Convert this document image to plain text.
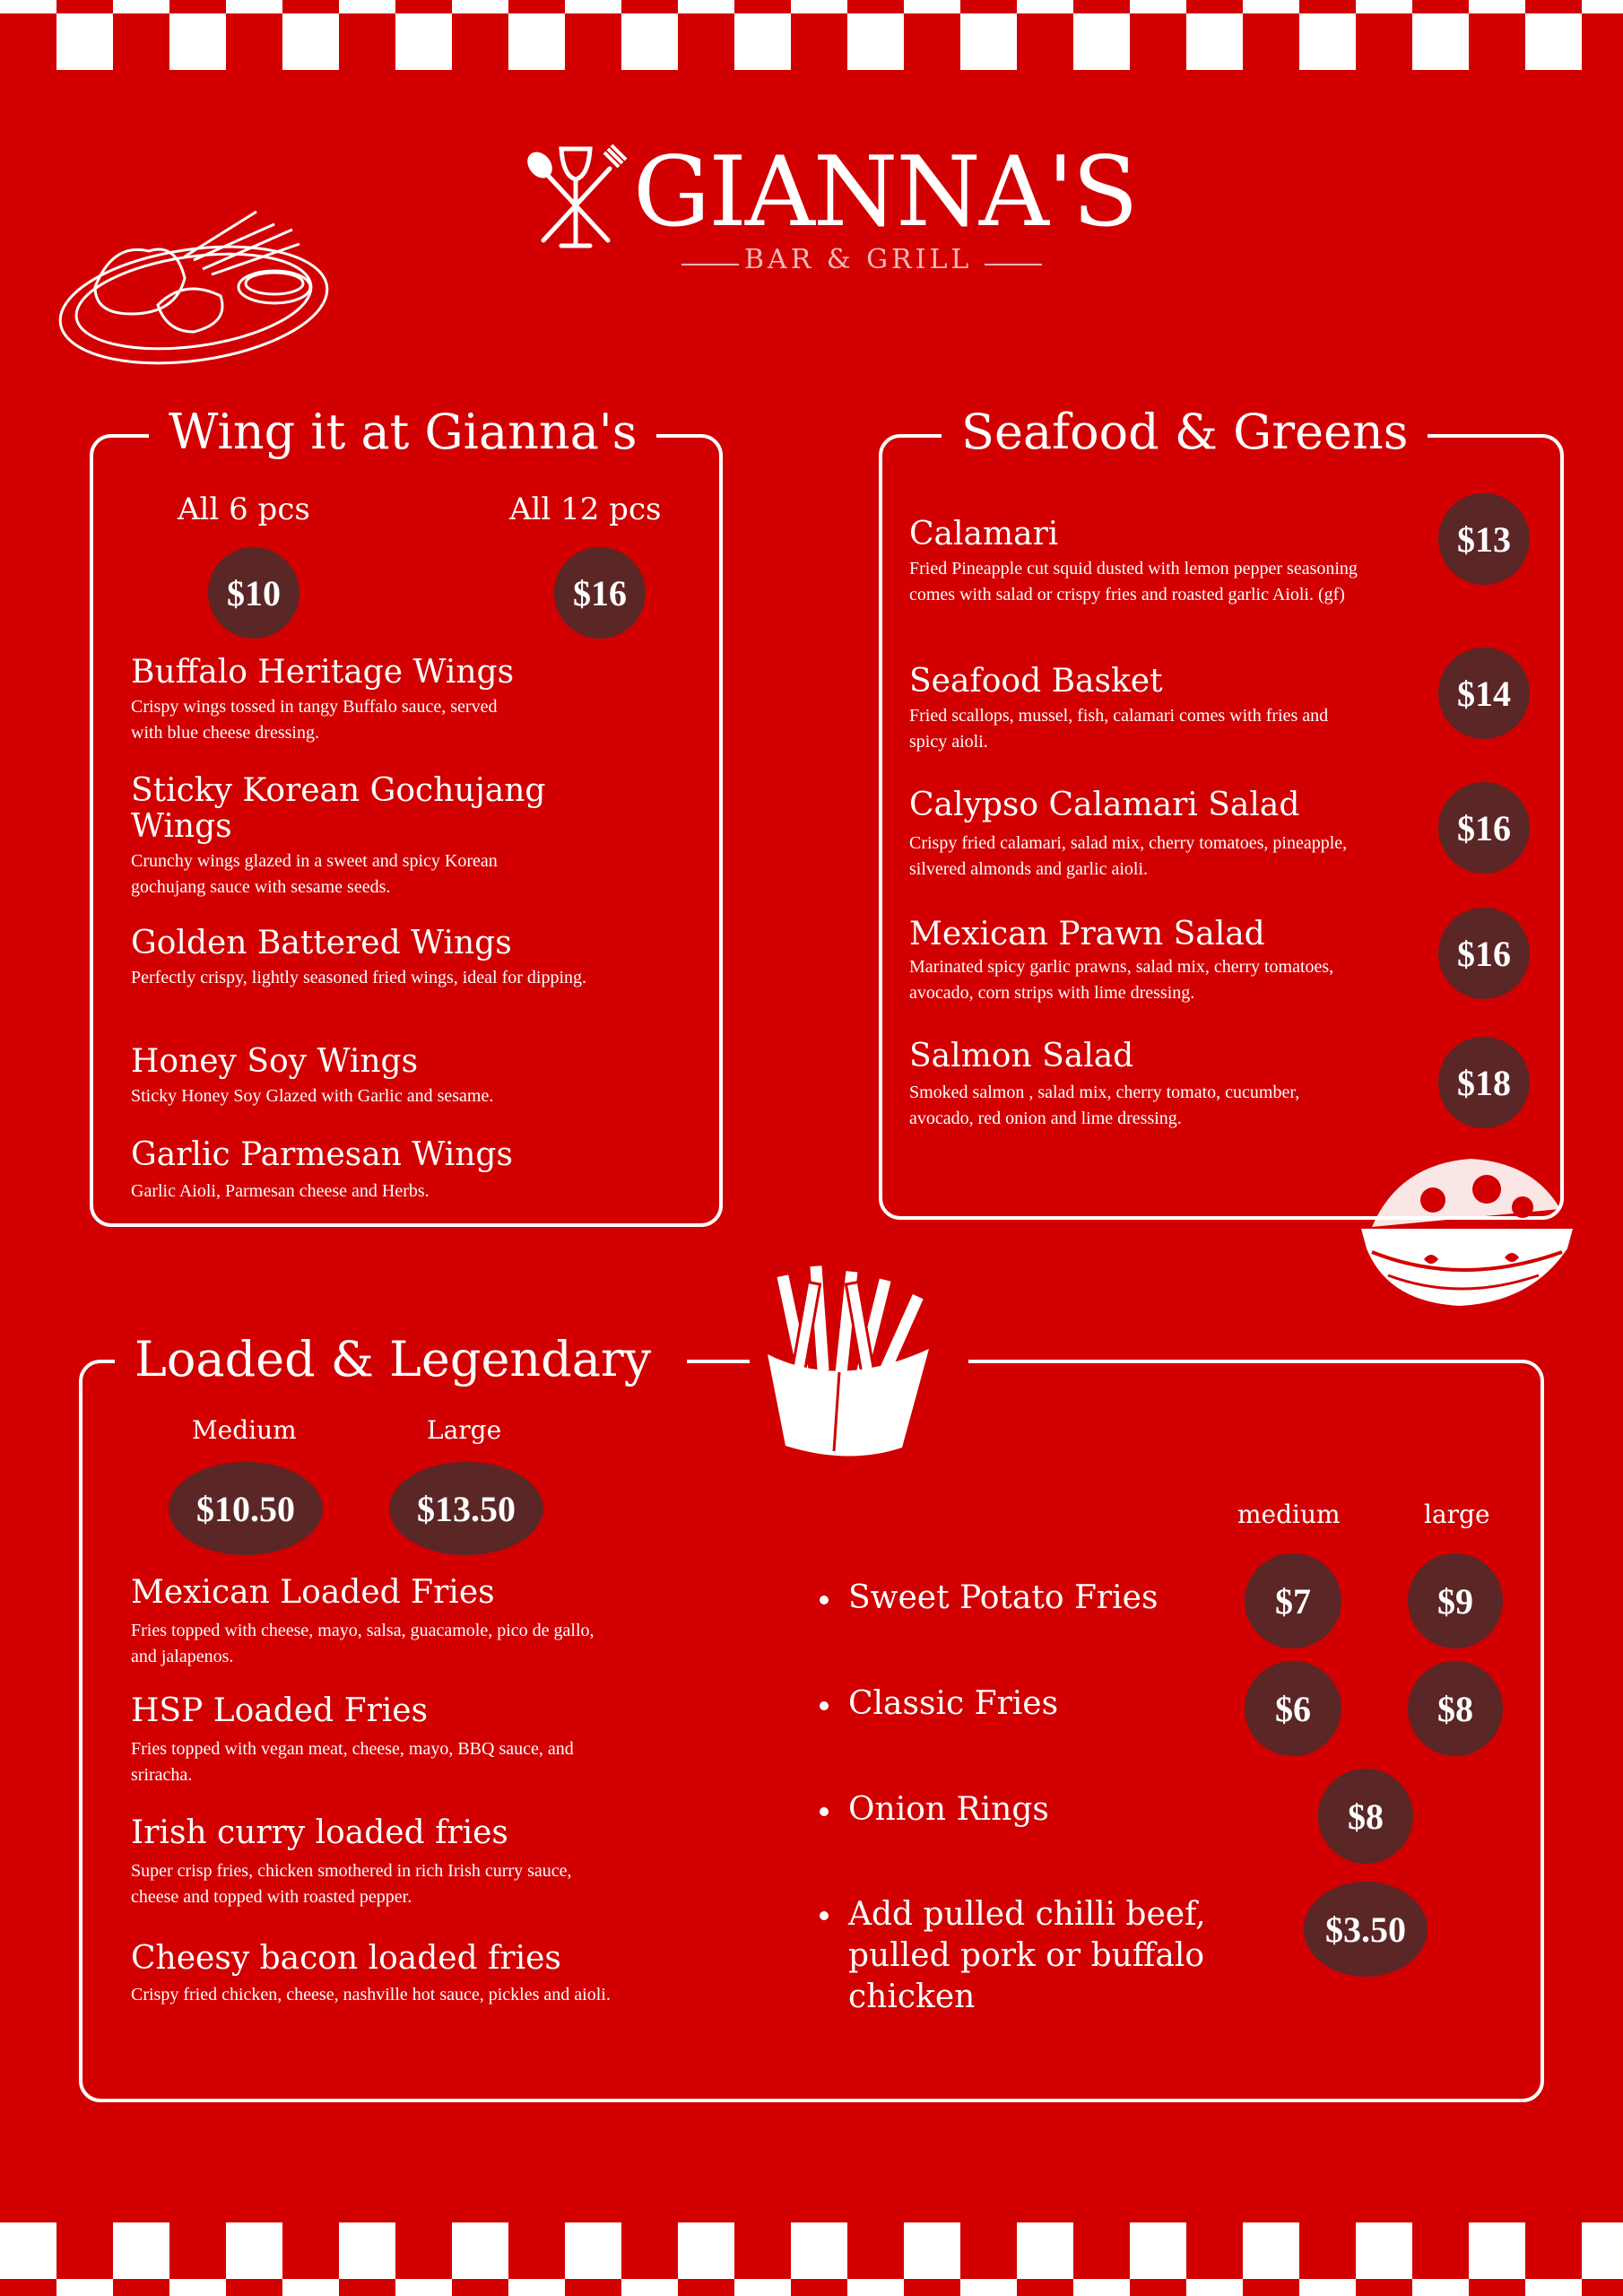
GIANNA'S
BAR & GRILL
Wing it at Gianna's
All 6 pcs	All 12 pcs
$10	$16
Buffalo Heritage Wings
Crispy wings tossed in tangy Buffalo sauce, served with blue cheese dressing.
Sticky Korean Gochujang Wings
Crunchy wings glazed in a sweet and spicy Korean gochujang sauce with sesame seeds.
Golden Battered Wings
Perfectly crispy, lightly seasoned fried wings, ideal for dipping.
Honey Soy Wings
Sticky Honey Soy Glazed with Garlic and sesame.
Garlic Parmesan Wings
Garlic Aioli, Parmesan cheese and Herbs.
Seafood & Greens
Calamari
Fried Pineapple cut squid dusted with lemon pepper seasoning comes with salad or crispy fries and roasted garlic Aioli. (gf)
$13
Seafood Basket
Fried scallops, mussel, fish, calamari comes with fries and spicy aioli.
$14
Calypso Calamari Salad
Crispy fried calamari, salad mix, cherry tomatoes, pineapple, silvered almonds and garlic aioli.
$16
Mexican Prawn Salad
Marinated spicy garlic prawns, salad mix, cherry tomatoes, avocado, corn strips with lime dressing.
$16
Salmon Salad
Smoked salmon , salad mix, cherry tomato, cucumber, avocado, red onion and lime dressing.
$18
Loaded & Legendary
Medium	Large
$10.50	$13.50
Mexican Loaded Fries
Fries topped with cheese, mayo, salsa, guacamole, pico de gallo, and jalapenos.
HSP Loaded Fries
Fries topped with vegan meat, cheese, mayo, BBQ sauce, and sriracha.
Irish curry loaded fries
Super crisp fries, chicken smothered in rich Irish curry sauce, cheese and topped with roasted pepper.
Cheesy bacon loaded fries
Crispy fried chicken, cheese, nashville hot sauce, pickles and aioli.
medium	large
Sweet Potato Fries	$7	$9
Classic Fries	$6	$8
Onion Rings	$8
Add pulled chilli beef, pulled pork or buffalo chicken
$3.50
